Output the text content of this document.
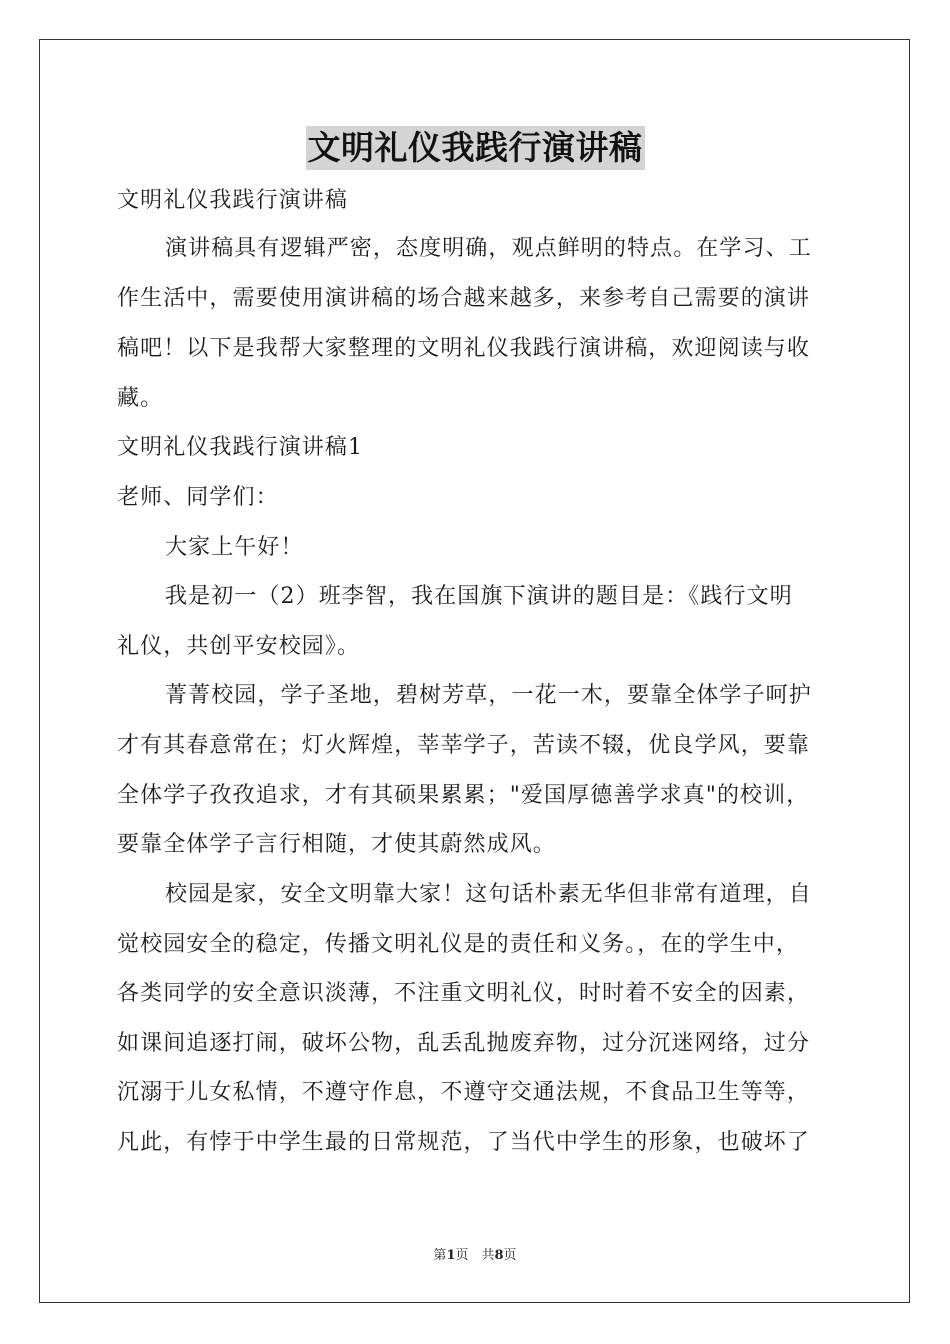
文明礼仪我践行演讲稿
文明礼仪我践行演讲稿
演讲稿具有逻辑严密，态度明确，观点鲜明的特点。在学习、工
作生活中，需要使用演讲稿的场合越来越多，来参考自己需要的演讲
稿吧！以下是我帮大家整理的文明礼仪我践行演讲稿，欢迎阅读与收
藏。
文明礼仪我践行演讲稿1
老师、同学们：
大家上午好！
我是初一（2）班李智，我在国旗下演讲的题目是：《践行文明
礼仪，共创平安校园》。
菁菁校园，学子圣地，碧树芳草，一花一木，要靠全体学子呵护
才有其春意常在；灯火辉煌，莘莘学子，苦读不辍，优良学风，要靠
全体学子孜孜追求，才有其硕果累累；"爱国厚德善学求真"的校训，
要靠全体学子言行相随，才使其蔚然成风。
校园是家，安全文明靠大家！这句话朴素无华但非常有道理，自
觉校园安全的稳定，传播文明礼仪是的责任和义务。，在的学生中，
各类同学的安全意识淡薄，不注重文明礼仪，时时着不安全的因素，
如课间追逐打闹，破坏公物，乱丢乱抛废弃物，过分沉迷网络，过分
沉溺于儿女私情，不遵守作息，不遵守交通法规，不食品卫生等等，
凡此，有悖于中学生最的日常规范，了当代中学生的形象，也破坏了
第1页　共8页
